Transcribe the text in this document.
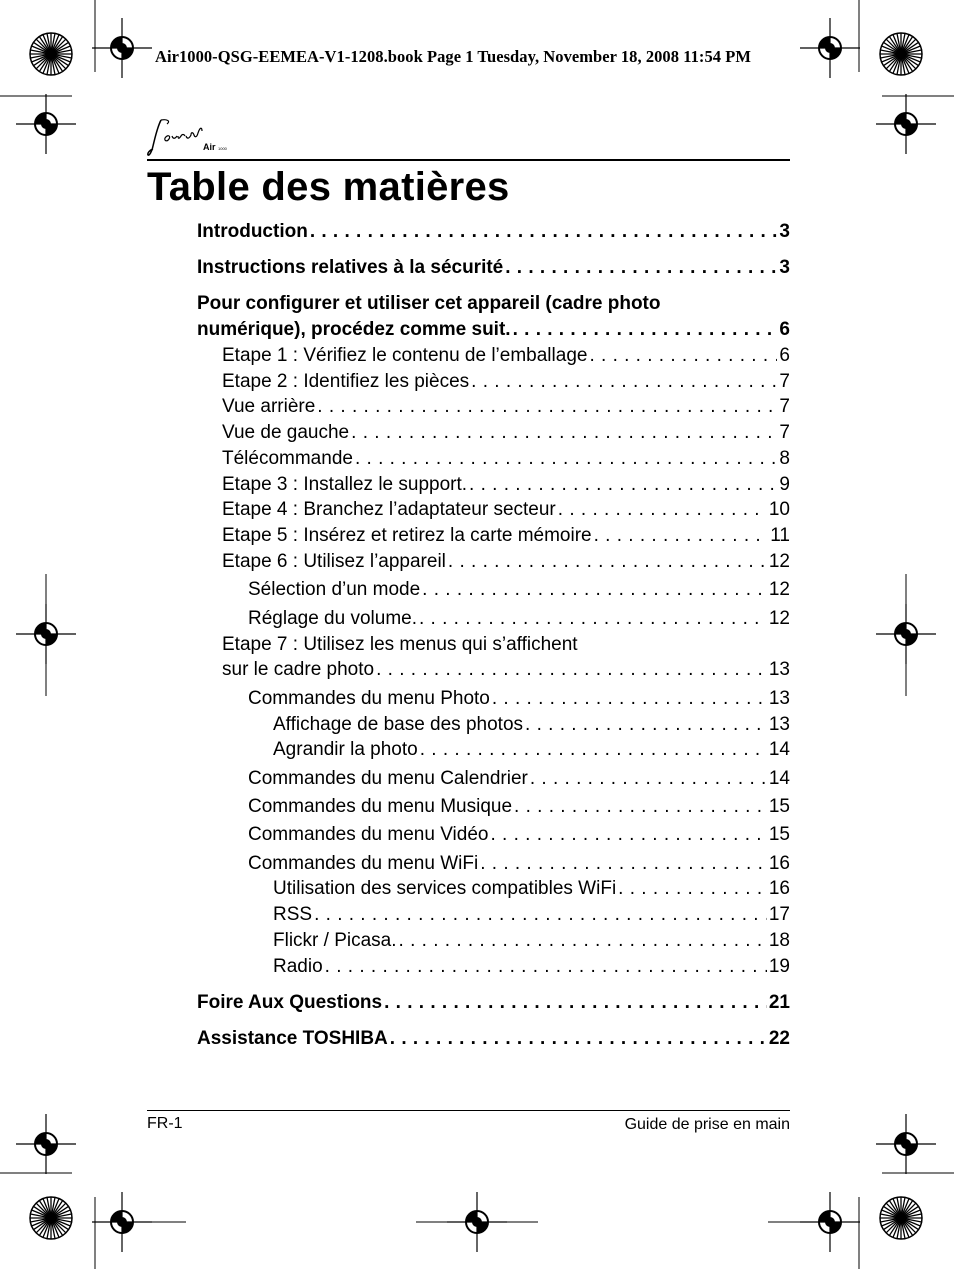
Air1000-QSG-EEMEA-V1-1208.book Page 1 Tuesday, November 18, 2008 11:54 PM
Air 1000
Table des matières
Introduction . . .	3
Instructions relatives à la sécurité . . .	3
Pour configurer et utiliser cet appareil (cadre photo
numérique), procédez comme suit. . . .	6
Etape 1 : Vérifiez le contenu de l’emballage . . .	6
Etape 2 : Identifiez les pièces . . .	7
Vue arrière . . .	7
Vue de gauche . . .	7
Télécommande . . .	8
Etape 3 : Installez le support. . . .	9
Etape 4 : Branchez l’adaptateur secteur . . .	10
Etape 5 : Insérez et retirez la carte mémoire . . .	11
Etape 6 : Utilisez l’appareil . . .	12
Sélection d’un mode . . .	12
Réglage du volume. . . .	12
Etape 7 : Utilisez les menus qui s’affichent
sur le cadre photo . . .	13
Commandes du menu Photo . . .	13
Affichage de base des photos . . .	13
Agrandir la photo . . .	14
Commandes du menu Calendrier . . .	14
Commandes du menu Musique . . .	15
Commandes du menu Vidéo . . .	15
Commandes du menu WiFi . . .	16
Utilisation des services compatibles WiFi . . .	16
RSS . . .	17
Flickr / Picasa. . . .	18
Radio . . .	19
Foire Aux Questions . . .	21
Assistance TOSHIBA . . .	22
FR-1	Guide de prise en main
